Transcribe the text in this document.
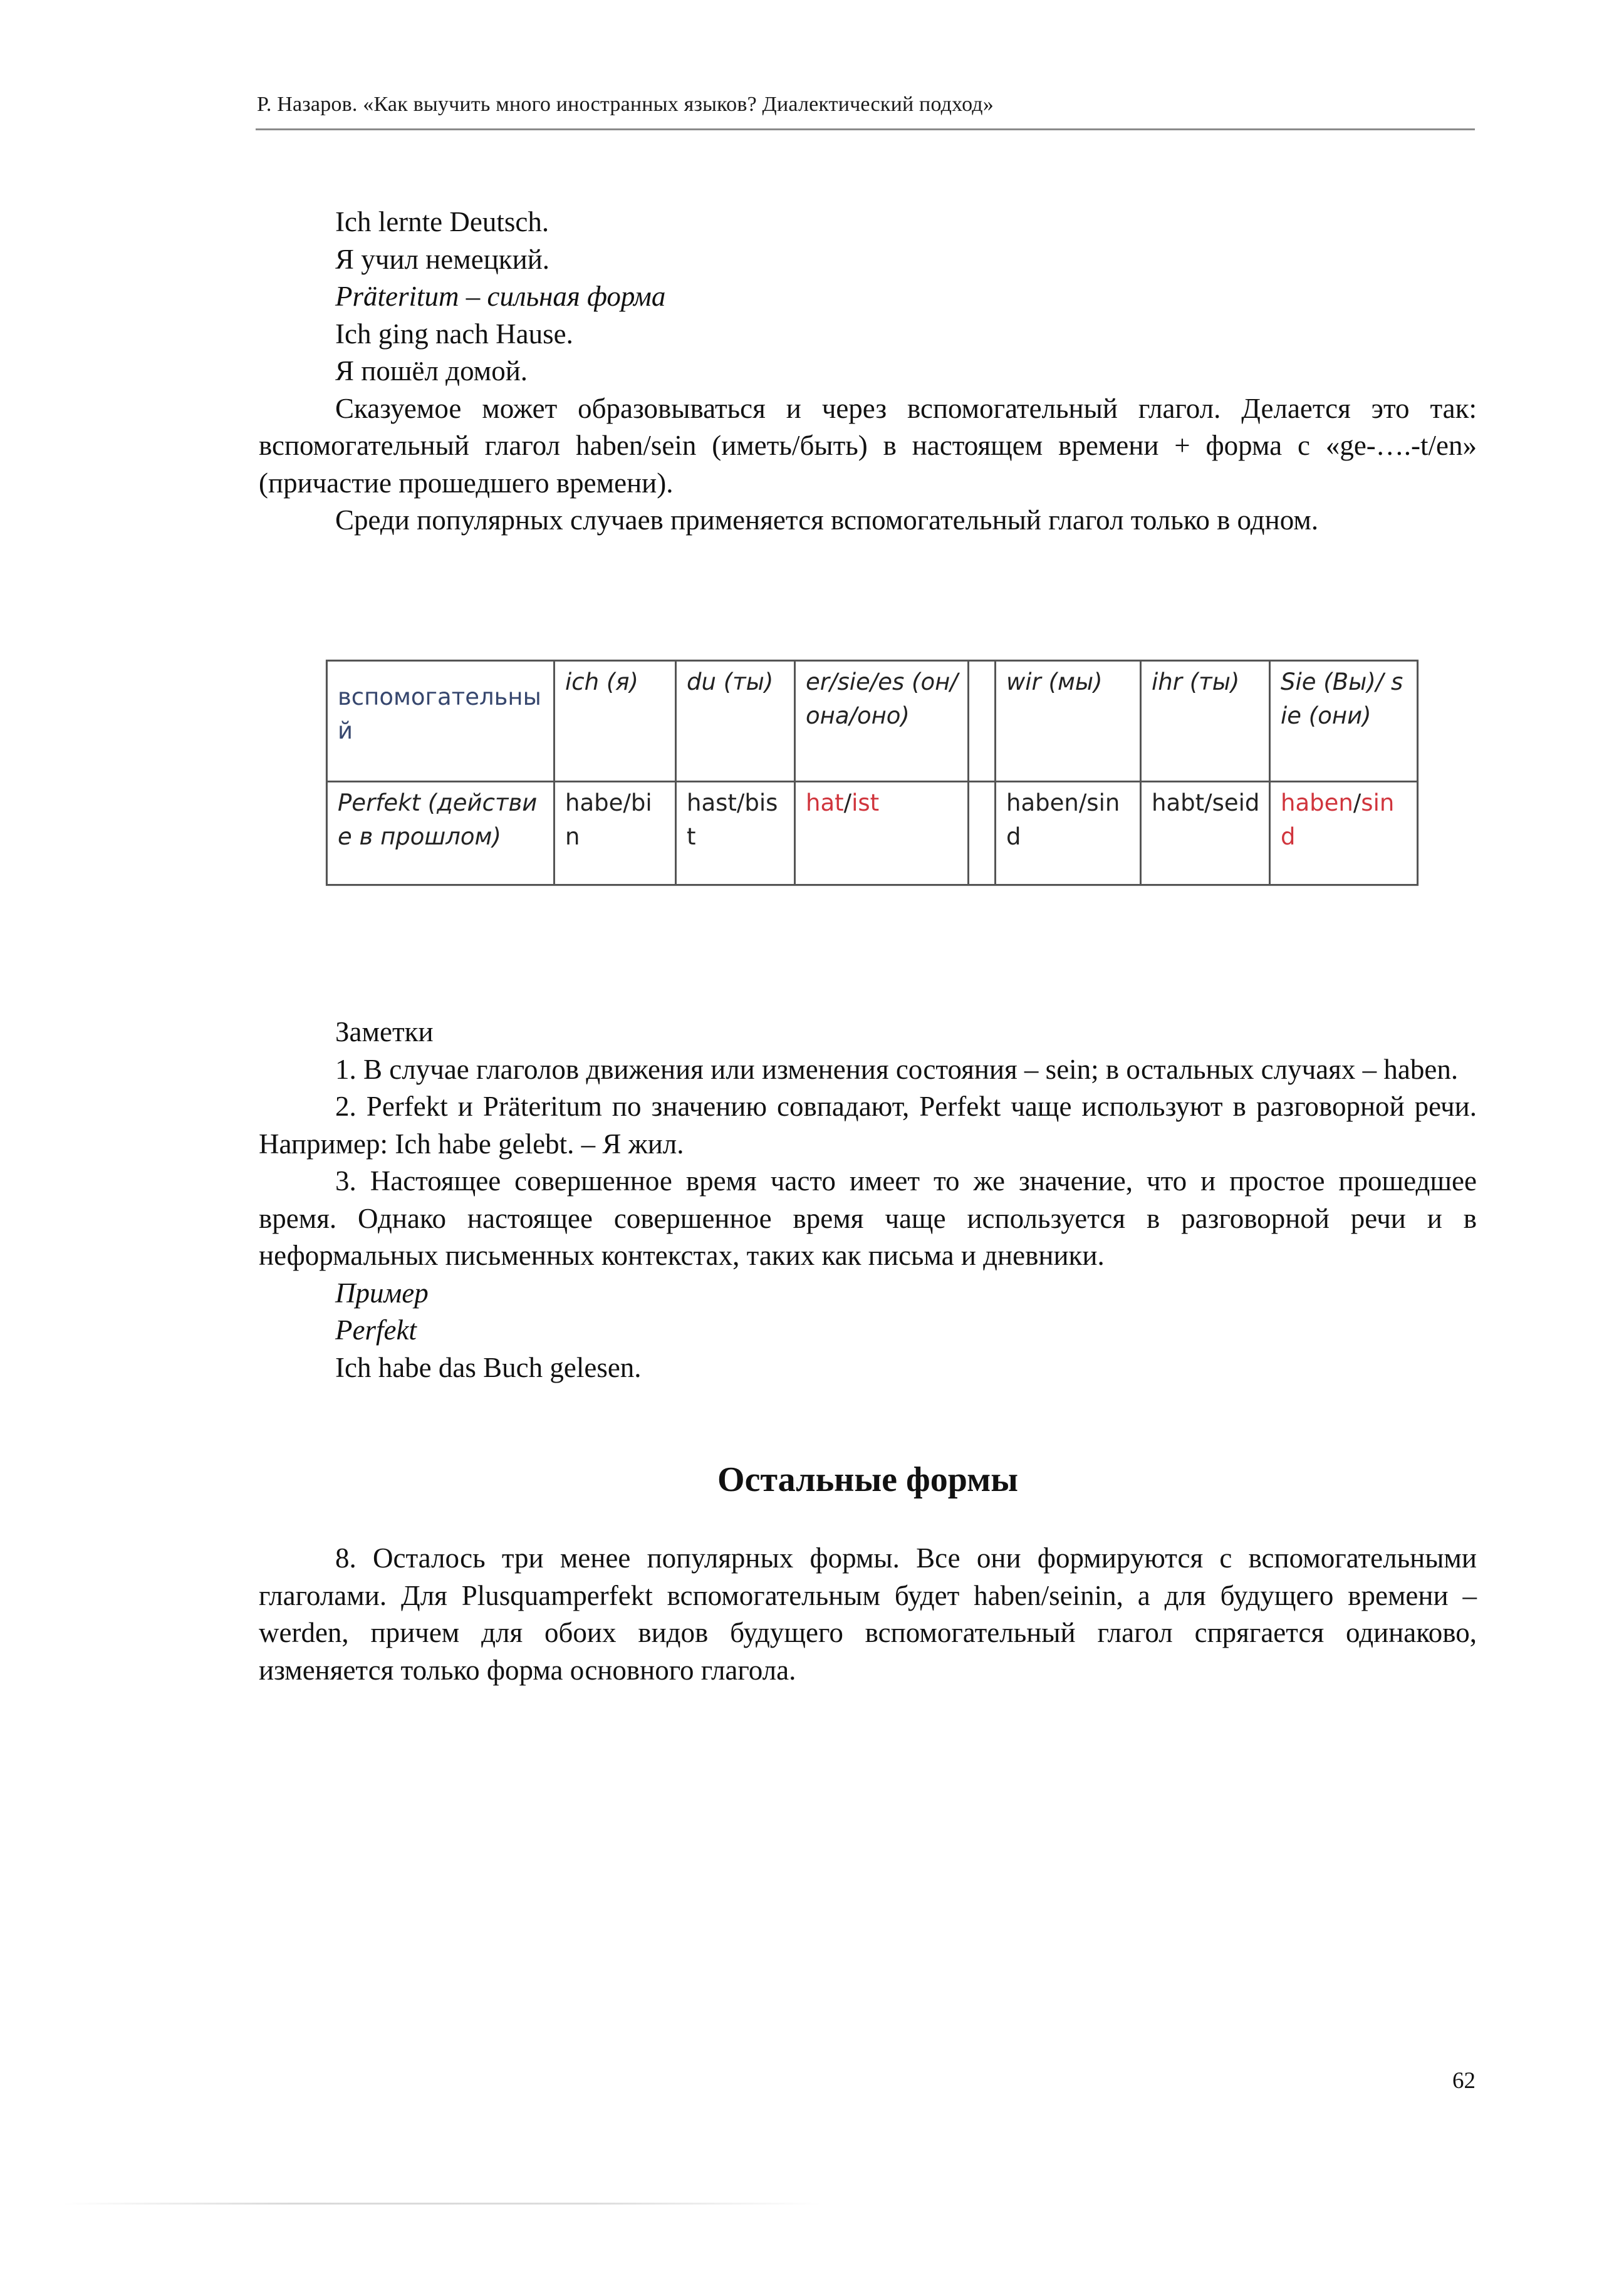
Р. Назаров. «Как выучить много иностранных языков? Диалектический подход»

Ich lernte Deutsch.

Я учил немецкий.

Präteritum – сильная форма

Ich ging nach Hause.

Я пошёл домой.

Сказуемое может образовываться и через вспомогательный глагол. Делается это так: вспомогательный глагол haben/sein (иметь/быть) в настоящем времени + форма с «ge-….-t/en» (причастие прошедшего времени).

Среди популярных случаев применяется вспомогательный глагол только в одном.

вспомогательный	ich (я)	du (ты)	er/sie/es (он/она/оно)		wir (мы)	ihr (ты)	Sie (Вы)/ sie (они)
Perfekt (действие в прошлом)	habe/bin	hast/bist	hat/ist		haben/sind	habt/seid	haben/sind

Заметки

1. В случае глаголов движения или изменения состояния – sein; в остальных случаях – haben.

2. Perfekt и Präteritum по значению совпадают, Perfekt чаще используют в разговорной речи. Например: Ich habe gelebt. – Я жил.

3. Настоящее совершенное время часто имеет то же значение, что и простое прошедшее время. Однако настоящее совершенное время чаще используется в разговорной речи и в неформальных письменных контекстах, таких как письма и дневники.

Пример

Perfekt

Ich habe das Buch gelesen.

Остальные формы

8. Осталось три менее популярных формы. Все они формируются с вспомогательными глаголами. Для Plusquamperfekt вспомогательным будет haben/seinin, а для будущего времени – werden, причем для обоих видов будущего вспомогательный глагол спрягается одинаково, изменяется только форма основного глагола.

62
